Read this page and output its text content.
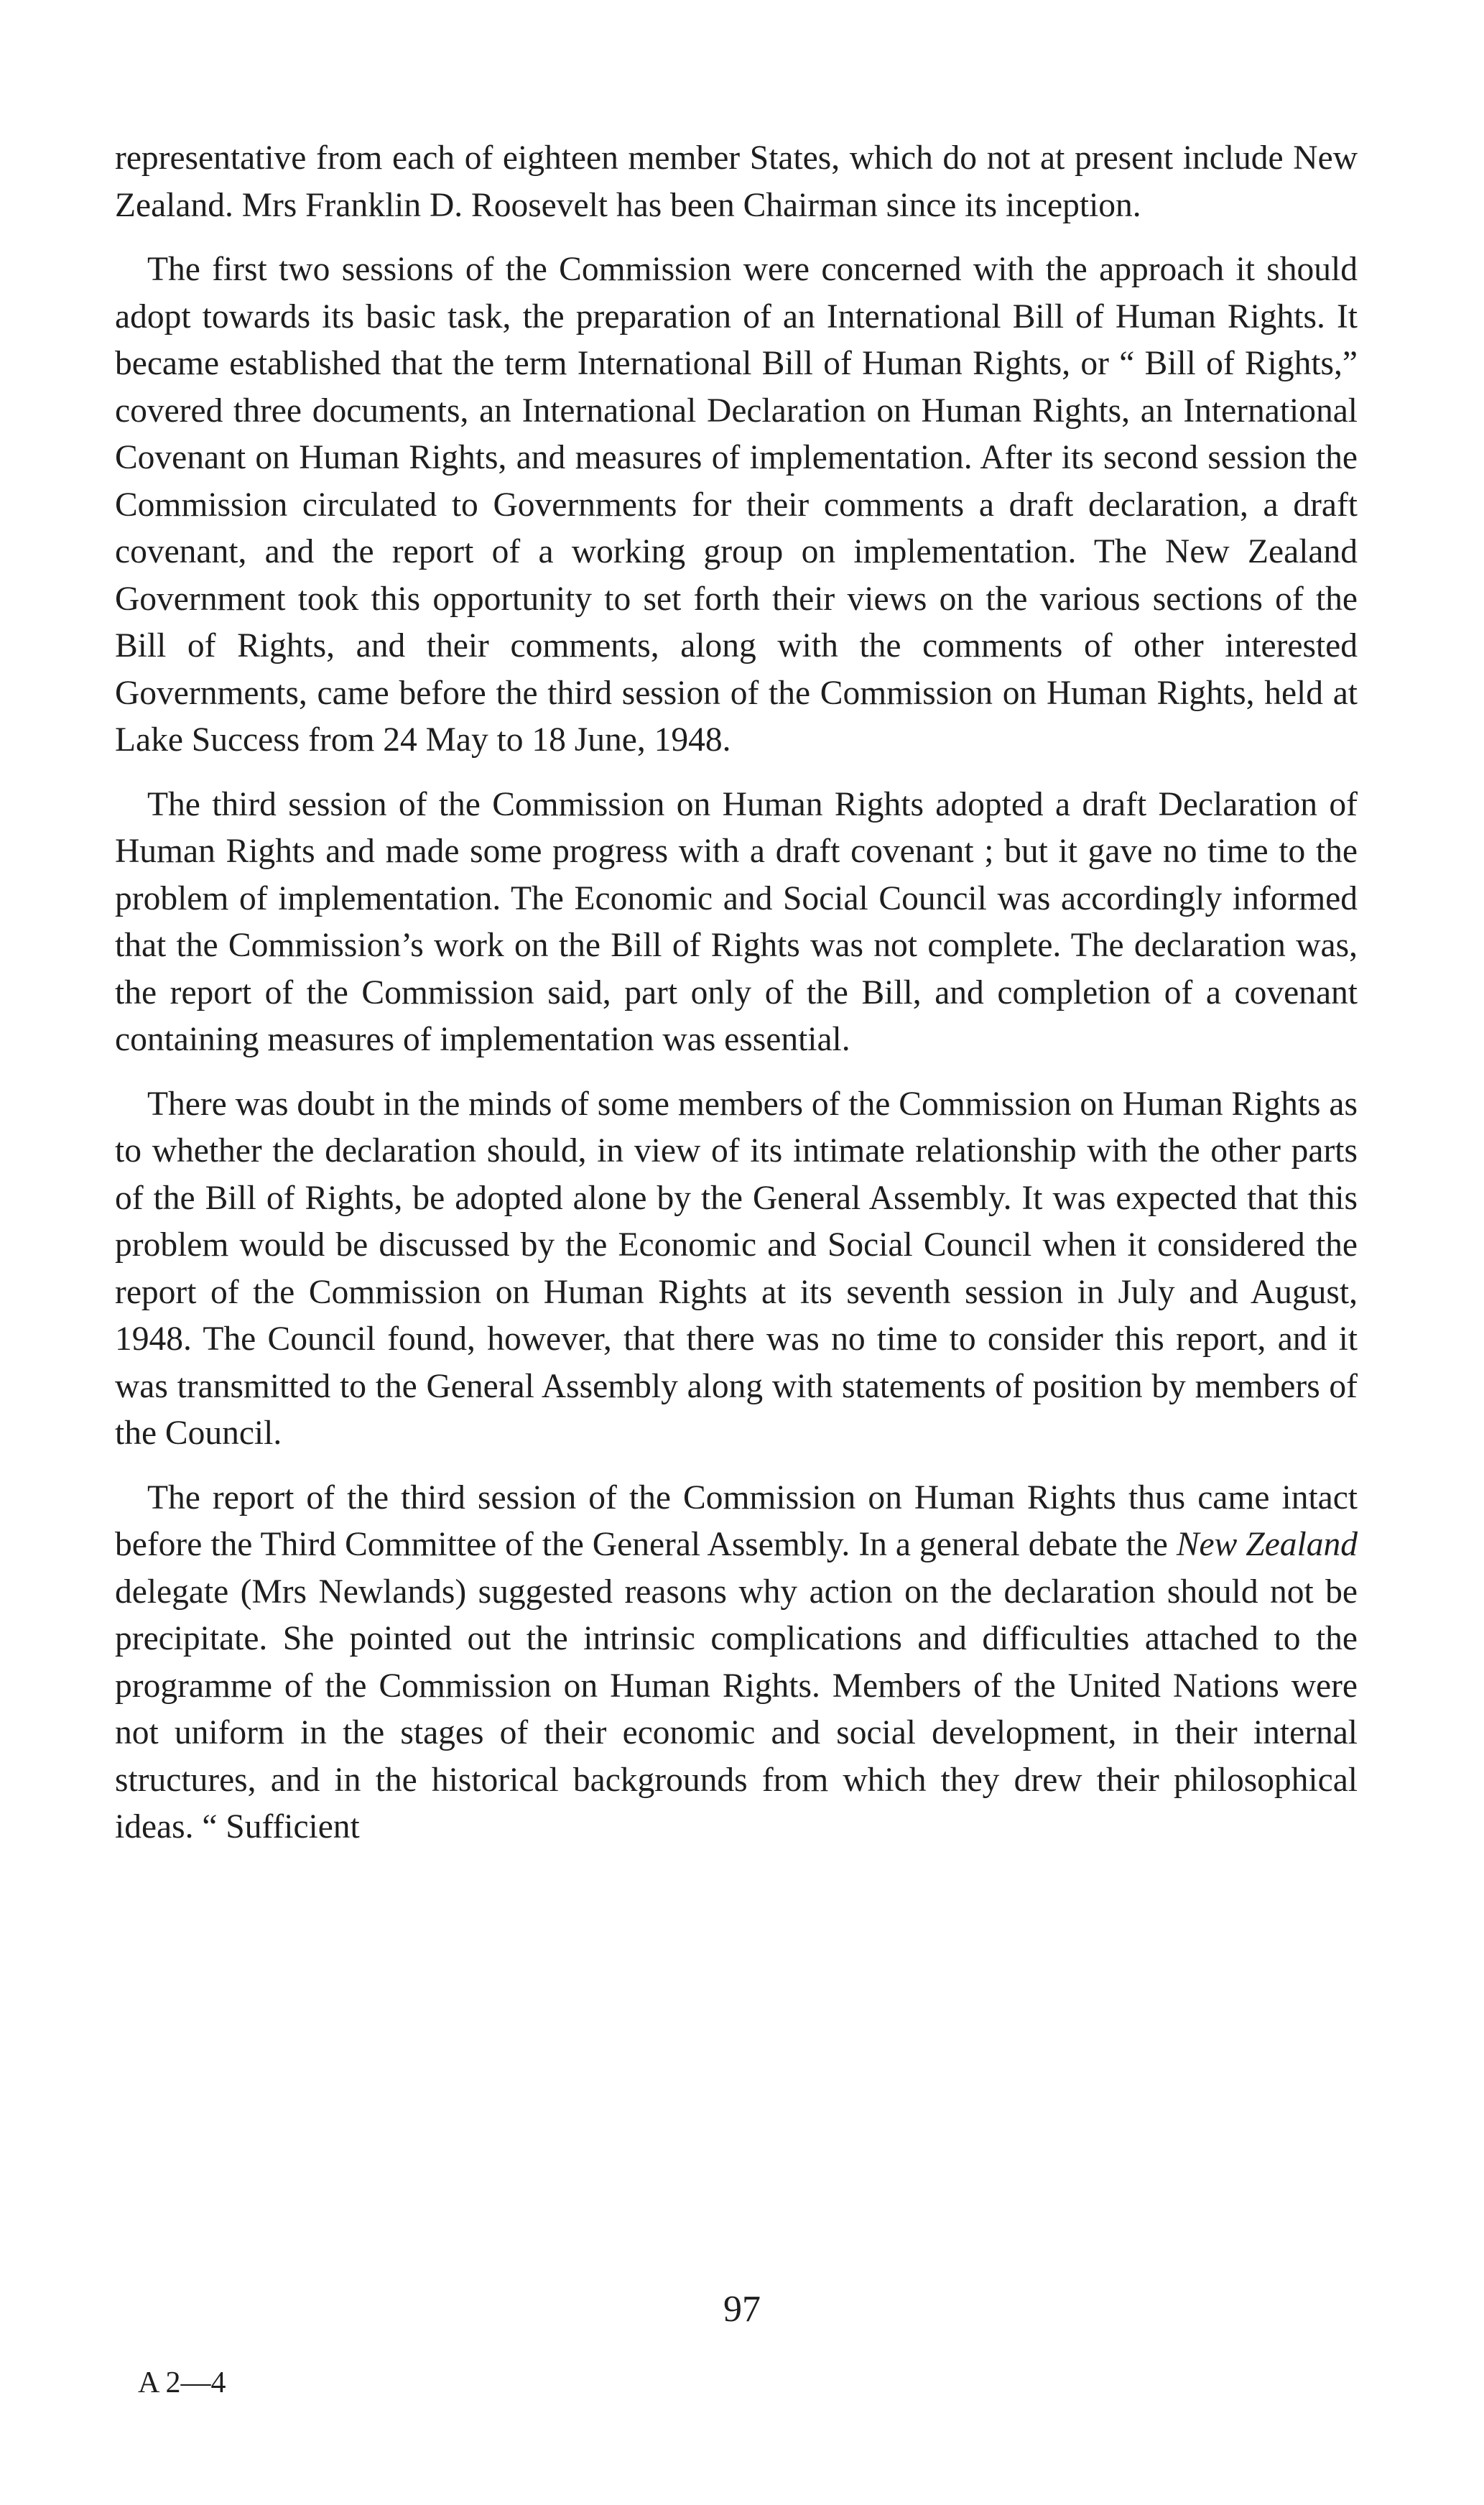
representative from each of eighteen member States, which do not at present include New Zealand. Mrs Franklin D. Roosevelt has been Chairman since its inception.

The first two sessions of the Commission were concerned with the approach it should adopt towards its basic task, the preparation of an International Bill of Human Rights. It became established that the term International Bill of Human Rights, or “ Bill of Rights,” covered three documents, an International Declaration on Human Rights, an International Covenant on Human Rights, and measures of implementation. After its second session the Commission circulated to Governments for their comments a draft declaration, a draft covenant, and the report of a working group on implementation. The New Zealand Government took this opportunity to set forth their views on the various sections of the Bill of Rights, and their comments, along with the comments of other interested Governments, came before the third session of the Commission on Human Rights, held at Lake Success from 24 May to 18 June, 1948.

The third session of the Commission on Human Rights adopted a draft Declaration of Human Rights and made some progress with a draft covenant ; but it gave no time to the problem of implementation. The Economic and Social Council was accordingly informed that the Commission’s work on the Bill of Rights was not complete. The declaration was, the report of the Commission said, part only of the Bill, and completion of a covenant containing measures of implementation was essential.

There was doubt in the minds of some members of the Commission on Human Rights as to whether the declaration should, in view of its intimate relationship with the other parts of the Bill of Rights, be adopted alone by the General Assembly. It was expected that this problem would be discussed by the Economic and Social Council when it considered the report of the Commission on Human Rights at its seventh session in July and August, 1948. The Council found, however, that there was no time to consider this report, and it was transmitted to the General Assembly along with statements of position by members of the Council.

The report of the third session of the Commission on Human Rights thus came intact before the Third Committee of the General Assembly. In a general debate the New Zealand delegate (Mrs Newlands) suggested reasons why action on the declaration should not be precipitate. She pointed out the intrinsic complications and difficulties attached to the programme of the Commission on Human Rights. Members of the United Nations were not uniform in the stages of their economic and social development, in their internal structures, and in the historical backgrounds from which they drew their philosophical ideas. “ Sufficient

97
A 2—4
